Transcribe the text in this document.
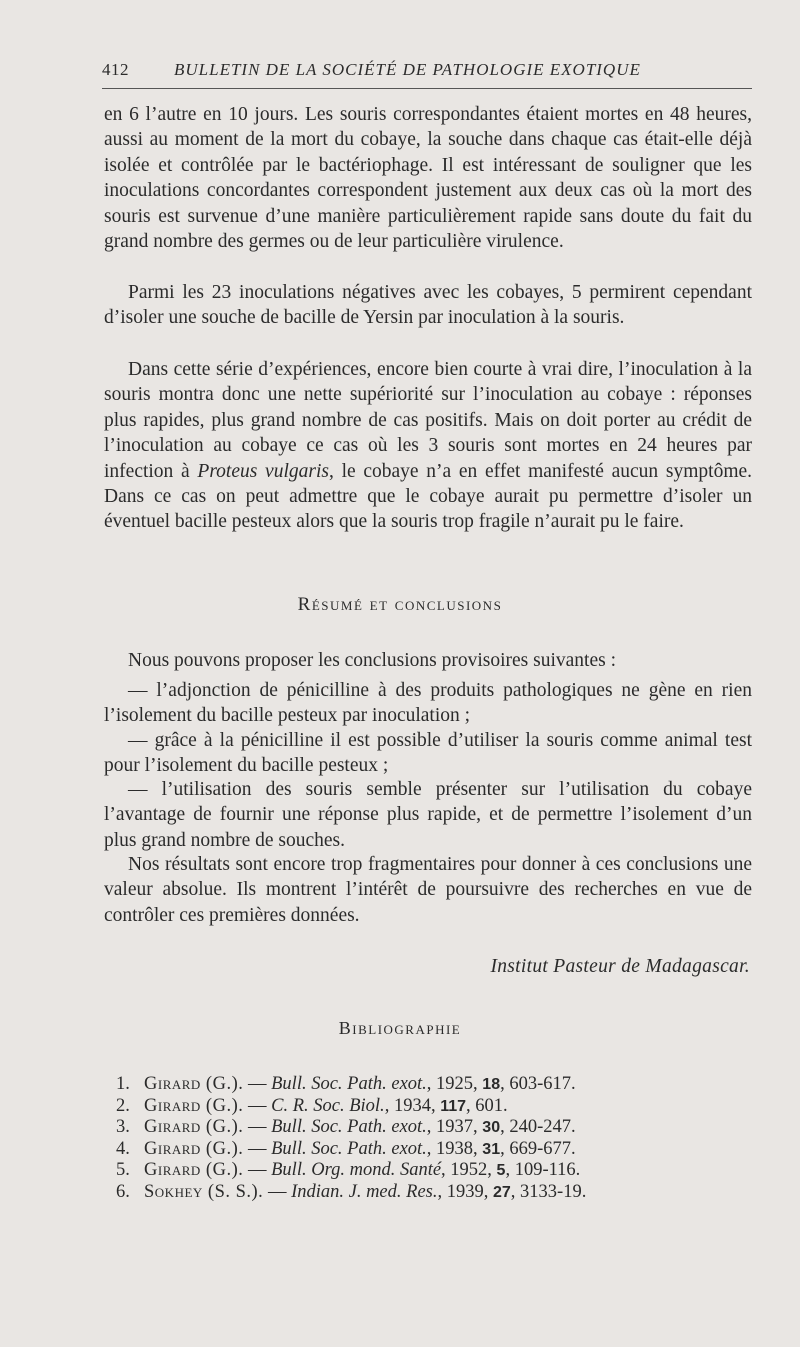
412	BULLETIN DE LA SOCIÉTÉ DE PATHOLOGIE EXOTIQUE

en 6 l’autre en 10 jours. Les souris correspondantes étaient mortes en 48 heures, aussi au moment de la mort du cobaye, la souche dans chaque cas était-elle déjà isolée et contrôlée par le bactériophage. Il est intéressant de souligner que les inoculations concordantes correspondent justement aux deux cas où la mort des souris est survenue d’une manière particulièrement rapide sans doute du fait du grand nombre des germes ou de leur particulière virulence.

Parmi les 23 inoculations négatives avec les cobayes, 5 permirent cependant d’isoler une souche de bacille de Yersin par inoculation à la souris.

Dans cette série d’expériences, encore bien courte à vrai dire, l’inoculation à la souris montra donc une nette supériorité sur l’inoculation au cobaye : réponses plus rapides, plus grand nombre de cas positifs. Mais on doit porter au crédit de l’inoculation au cobaye ce cas où les 3 souris sont mortes en 24 heures par infection à Proteus vulgaris, le cobaye n’a en effet manifesté aucun symptôme. Dans ce cas on peut admettre que le cobaye aurait pu permettre d’isoler un éventuel bacille pesteux alors que la souris trop fragile n’aurait pu le faire.

Résumé et conclusions

Nous pouvons proposer les conclusions provisoires suivantes :

— l’adjonction de pénicilline à des produits pathologiques ne gène en rien l’isolement du bacille pesteux par inoculation ;

— grâce à la pénicilline il est possible d’utiliser la souris comme animal test pour l’isolement du bacille pesteux ;

— l’utilisation des souris semble présenter sur l’utilisation du cobaye l’avantage de fournir une réponse plus rapide, et de permettre l’isolement d’un plus grand nombre de souches.

Nos résultats sont encore trop fragmentaires pour donner à ces conclusions une valeur absolue. Ils montrent l’intérêt de poursuivre des recherches en vue de contrôler ces premières données.

Institut Pasteur de Madagascar.
Bibliographie
1. Girard (G.). — Bull. Soc. Path. exot., 1925, 18, 603-617.
2. Girard (G.). — C. R. Soc. Biol., 1934, 117, 601.
3. Girard (G.). — Bull. Soc. Path. exot., 1937, 30, 240-247.
4. Girard (G.). — Bull. Soc. Path. exot., 1938, 31, 669-677.
5. Girard (G.). — Bull. Org. mond. Santé, 1952, 5, 109-116.
6. Sokhey (S. S.). — Indian. J. med. Res., 1939, 27, 3133-19.
